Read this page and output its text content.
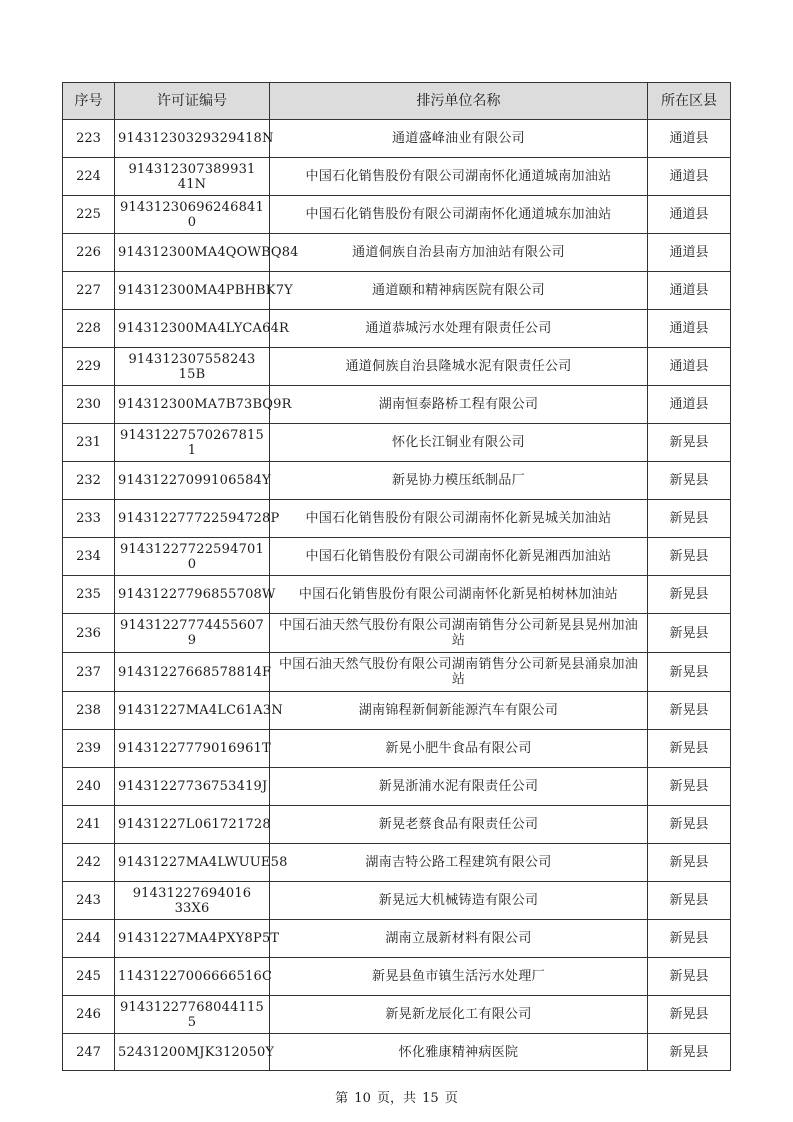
序号	许可证编号	排污单位名称	所在区县
223	91431230329329418N	通道盛峰油业有限公司	通道县
224	914312307389931 41N	中国石化销售股份有限公司湖南怀化通道城南加油站	通道县
225	91431230696246841 0	中国石化销售股份有限公司湖南怀化通道城东加油站	通道县
226	914312300MA4QOWBQ84	通道侗族自治县南方加油站有限公司	通道县
227	914312300MA4PBHBK7Y	通道颐和精神病医院有限公司	通道县
228	914312300MA4LYCA64R	通道恭城污水处理有限责任公司	通道县
229	914312307558243 15B	通道侗族自治县隆城水泥有限责任公司	通道县
230	914312300MA7B73BQ9R	湖南恒泰路桥工程有限公司	通道县
231	91431227570267815 1	怀化长江铜业有限公司	新晃县
232	91431227099106584Y	新晃协力模压纸制品厂	新晃县
233	914312277722594728P	中国石化销售股份有限公司湖南怀化新晃城关加油站	新晃县
234	91431227722594701 0	中国石化销售股份有限公司湖南怀化新晃湘西加油站	新晃县
235	91431227796855708W	中国石化销售股份有限公司湖南怀化新晃柏树林加油站	新晃县
236	91431227774455607 9	中国石油天然气股份有限公司湖南销售分公司新晃县晃州加油站	新晃县
237	91431227668578814F	中国石油天然气股份有限公司湖南销售分公司新晃县涌泉加油站	新晃县
238	91431227MA4LC61A3N	湖南锦程新侗新能源汽车有限公司	新晃县
239	91431227779016961T	新晃小肥牛食品有限公司	新晃县
240	91431227736753419J	新晃浙浦水泥有限责任公司	新晃县
241	91431227L061721728	新晃老蔡食品有限责任公司	新晃县
242	91431227MA4LWUUE58	湖南吉特公路工程建筑有限公司	新晃县
243	91431227694016 33X6	新晃远大机械铸造有限公司	新晃县
244	91431227MA4PXY8P5T	湖南立晟新材料有限公司	新晃县
245	11431227006666516C	新晃县鱼市镇生活污水处理厂	新晃县
246	91431227768044115 5	新晃新龙辰化工有限公司	新晃县
247	52431200MJK312050Y	怀化雅康精神病医院	新晃县
第 10 页，共 15 页
